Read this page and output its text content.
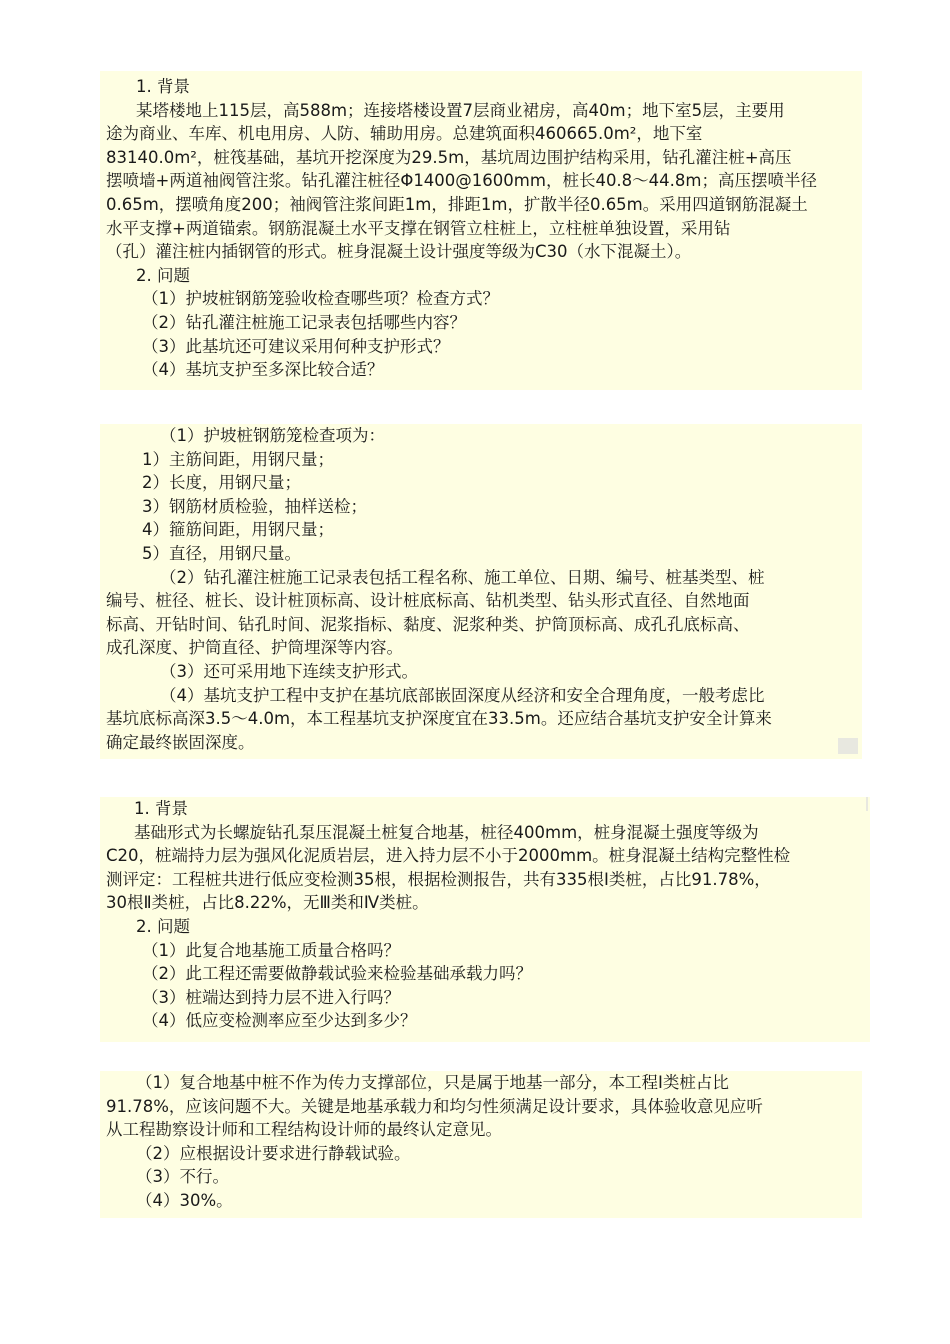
1. 背景

某塔楼地上115层，高588m；连接塔楼设置7层商业裙房，高40m；地下室5层，主要用

途为商业、车库、机电用房、人防、辅助用房。总建筑面积460665.0m²，地下室

83140.0m²，桩筏基础，基坑开挖深度为29.5m，基坑周边围护结构采用，钻孔灌注桩+高压

摆喷墙+两道袖阀管注浆。钻孔灌注桩径Φ1400@1600mm，桩长40.8～44.8m；高压摆喷半径

0.65m，摆喷角度200；袖阀管注浆间距1m，排距1m，扩散半径0.65m。采用四道钢筋混凝土

水平支撑+两道锚索。钢筋混凝土水平支撑在钢管立柱桩上，立柱桩单独设置，采用钻

（孔）灌注桩内插钢管的形式。桩身混凝土设计强度等级为C30（水下混凝土）。

2. 问题

（1）护坡桩钢筋笼验收检查哪些项？检查方式？

（2）钻孔灌注桩施工记录表包括哪些内容？

（3）此基坑还可建议采用何种支护形式？

（4）基坑支护至多深比较合适？

（1）护坡桩钢筋笼检查项为：

1）主筋间距，用钢尺量；

2）长度，用钢尺量；

3）钢筋材质检验，抽样送检；

4）箍筋间距，用钢尺量；

5）直径，用钢尺量。

（2）钻孔灌注桩施工记录表包括工程名称、施工单位、日期、编号、桩基类型、桩

编号、桩径、桩长、设计桩顶标高、设计桩底标高、钻机类型、钻头形式直径、自然地面

标高、开钻时间、钻孔时间、泥浆指标、黏度、泥浆种类、护筒顶标高、成孔孔底标高、

成孔深度、护筒直径、护筒埋深等内容。

（3）还可采用地下连续支护形式。

（4）基坑支护工程中支护在基坑底部嵌固深度从经济和安全合理角度，一般考虑比

基坑底标高深3.5～4.0m，本工程基坑支护深度宜在33.5m。还应结合基坑支护安全计算来

确定最终嵌固深度。

1. 背景

基础形式为长螺旋钻孔泵压混凝土桩复合地基，桩径400mm，桩身混凝土强度等级为

C20，桩端持力层为强风化泥质岩层，进入持力层不小于2000mm。桩身混凝土结构完整性检

测评定：工程桩共进行低应变检测35根，根据检测报告，共有335根Ⅰ类桩，占比91.78%，

30根Ⅱ类桩，占比8.22%，无Ⅲ类和Ⅳ类桩。

2. 问题

（1）此复合地基施工质量合格吗？

（2）此工程还需要做静载试验来检验基础承载力吗？

（3）桩端达到持力层不进入行吗？

（4）低应变检测率应至少达到多少？

（1）复合地基中桩不作为传力支撑部位，只是属于地基一部分，本工程Ⅰ类桩占比

91.78%，应该问题不大。关键是地基承载力和均匀性须满足设计要求，具体验收意见应听

从工程勘察设计师和工程结构设计师的最终认定意见。

（2）应根据设计要求进行静载试验。

（3）不行。

（4）30%。
